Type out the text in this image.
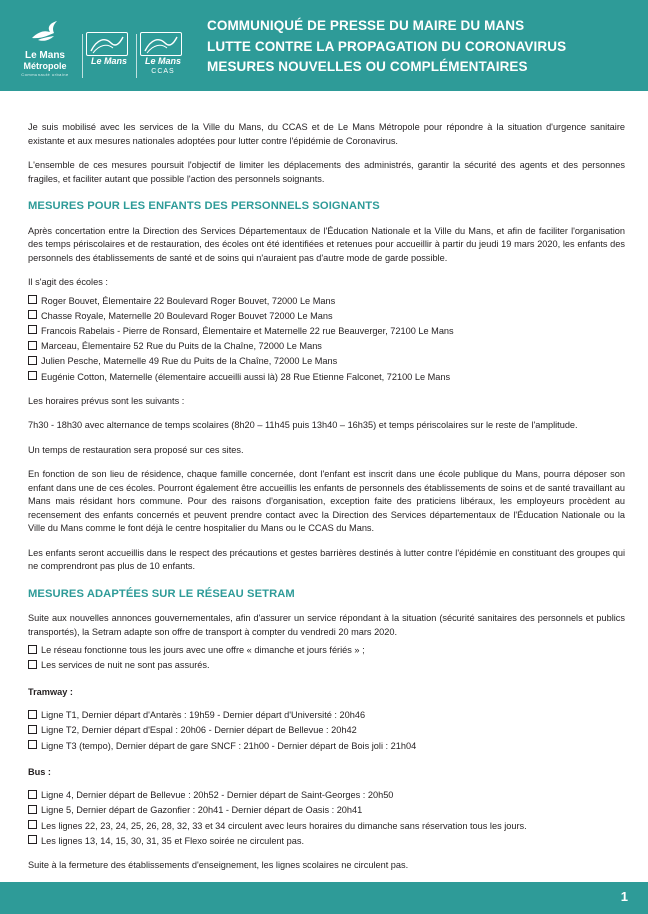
Le Mans
Métropole
Communauté urbaine
Le Mans	Le Mans
CCAS
COMMUNIQUÉ DE PRESSE DU MAIRE DU MANS
LUTTE CONTRE LA PROPAGATION DU CORONAVIRUS
MESURES NOUVELLES OU COMPLÉMENTAIRES

Je suis mobilisé avec les services de la Ville du Mans, du CCAS et de Le Mans Métropole pour répondre à la situation d'urgence sanitaire existante et aux mesures nationales adoptées pour lutter contre l'épidémie de Coronavirus.

L'ensemble de ces mesures poursuit l'objectif de limiter les déplacements des administrés, garantir la sécurité des agents et des personnes fragiles, et faciliter autant que possible l'action des personnels soignants.

MESURES POUR LES ENFANTS DES PERSONNELS SOIGNANTS

Après concertation entre la Direction des Services Départementaux de l'Éducation Nationale et la Ville du Mans, et afin de faciliter l'organisation des temps périscolaires et de restauration, des écoles ont été identifiées et retenues pour accueillir à partir du jeudi 19 mars 2020, les enfants des personnels des établissements de santé et de soins qui n'auraient pas d'autre mode de garde possible.

Il s'agit des écoles :

Roger Bouvet, Élementaire 22 Boulevard Roger Bouvet, 72000 Le Mans
Chasse Royale, Maternelle 20 Boulevard Roger Bouvet 72000 Le Mans
Francois Rabelais - Pierre de Ronsard, Élementaire et Maternelle 22 rue Beauverger, 72100 Le Mans
Marceau, Élementaire 52 Rue du Puits de la Chaîne, 72000 Le Mans
Julien Pesche, Maternelle 49 Rue du Puits de la Chaîne, 72000 Le Mans
Eugénie Cotton, Maternelle (élementaire accueilli aussi là) 28 Rue Etienne Falconet, 72100 Le Mans

Les horaires prévus sont les suivants :

7h30 - 18h30 avec alternance de temps scolaires (8h20 – 11h45 puis 13h40 – 16h35) et temps périscolaires sur le reste de l'amplitude.

Un temps de restauration sera proposé sur ces sites.

En fonction de son lieu de résidence, chaque famille concernée, dont l'enfant est inscrit dans une école publique du Mans, pourra déposer son enfant dans une de ces écoles. Pourront également être accueillis les enfants de personnels des établissements de soins et de santé travaillant au Mans mais résidant hors commune. Pour des raisons d'organisation, exception faite des praticiens libéraux, les employeurs procèdent au recensement des enfants concernés et peuvent prendre contact avec la Direction des Services départementaux de l'Éducation Nationale ou la Ville du Mans comme le font déjà le centre hospitalier du Mans ou le CCAS du Mans.

Les enfants seront accueillis dans le respect des précautions et gestes barrières destinés à lutter contre l'épidémie en constituant des groupes qui ne comprendront pas plus de 10 enfants.

MESURES ADAPTÉES SUR LE RÉSEAU SETRAM

Suite aux nouvelles annonces gouvernementales, afin d'assurer un service répondant à la situation (sécurité sanitaires des personnels et publics transportés), la Setram adapte son offre de transport à compter du vendredi 20 mars 2020.

Le réseau fonctionne tous les jours avec une offre « dimanche et jours fériés » ;
Les services de nuit ne sont pas assurés.
Tramway :
Ligne T1, Dernier départ d'Antarès : 19h59 - Dernier départ d'Université : 20h46
Ligne T2, Dernier départ d'Espal : 20h06 - Dernier départ de Bellevue : 20h42
Ligne T3 (tempo), Dernier départ de gare SNCF : 21h00 - Dernier départ de Bois joli : 21h04
Bus :
Ligne 4, Dernier départ de Bellevue : 20h52 - Dernier départ de Saint-Georges : 20h50
Ligne 5, Dernier départ de Gazonfier : 20h41 - Dernier départ de Oasis : 20h41
Les lignes 22, 23, 24, 25, 26, 28, 32, 33 et 34 circulent avec leurs horaires du dimanche sans réservation tous les jours.
Les lignes 13, 14, 15, 30, 31, 35 et Flexo soirée ne circulent pas.

Suite à la fermeture des établissements d'enseignement, les lignes scolaires ne circulent pas.

1
